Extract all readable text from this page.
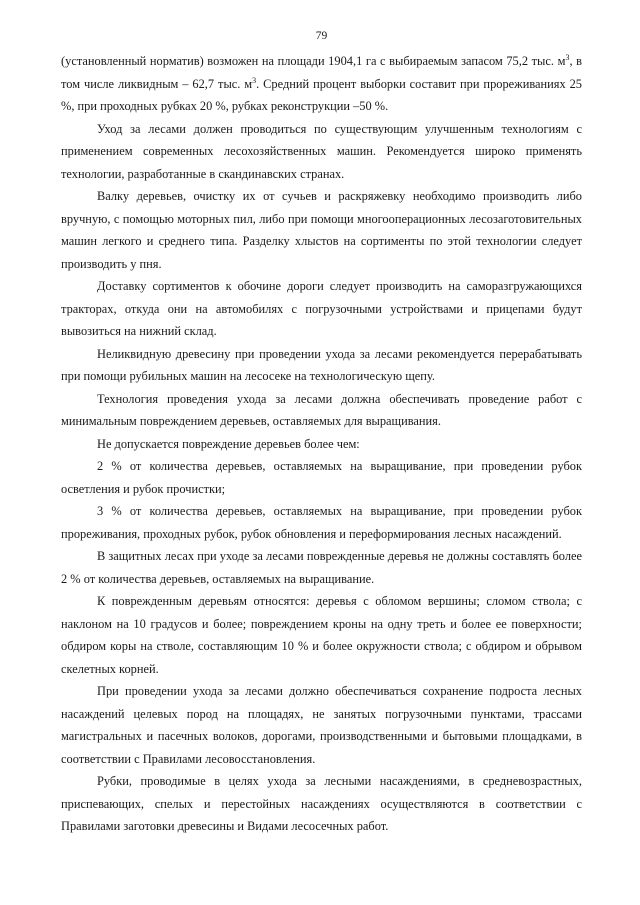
79

(установленный норматив) возможен на площади 1904,1 га с выбираемым запасом 75,2 тыс. $м^3$, в том числе ликвидным – 62,7 тыс. $м^3$. Средний процент выборки составит при прореживаниях 25 %, при проходных рубках 20 %, рубках реконструкции –50 %.

Уход за лесами должен проводиться по существующим улучшенным технологиям с применением современных лесохозяйственных машин. Рекомендуется широко применять технологии, разработанные в скандинавских странах.

Валку деревьев, очистку их от сучьев и раскряжевку необходимо производить либо вручную, с помощью моторных пил, либо при помощи многооперационных лесозаготовительных машин легкого и среднего типа. Разделку хлыстов на сортименты по этой технологии следует производить у пня.

Доставку сортиментов к обочине дороги следует производить на саморазгружающихся тракторах, откуда они на автомобилях с погрузочными устройствами и прицепами будут вывозиться на нижний склад.

Неликвидную древесину при проведении ухода за лесами рекомендуется перерабатывать при помощи рубильных машин на лесосеке на технологическую щепу.

Технология проведения ухода за лесами должна обеспечивать проведение работ с минимальным повреждением деревьев, оставляемых для выращивания.

Не допускается повреждение деревьев более чем:

2 % от количества деревьев, оставляемых на выращивание, при проведении рубок осветления и рубок прочистки;

3 % от количества деревьев, оставляемых на выращивание, при проведении рубок прореживания, проходных рубок, рубок обновления и переформирования лесных насаждений.

В защитных лесах при уходе за лесами поврежденные деревья не должны составлять более 2 % от количества деревьев, оставляемых на выращивание.

К поврежденным деревьям относятся: деревья с обломом вершины; сломом ствола; с наклоном на 10 градусов и более; повреждением кроны на одну треть и более ее поверхности; обдиром коры на стволе, составляющим 10 % и более окружности ствола; с обдиром и обрывом скелетных корней.

При проведении ухода за лесами должно обеспечиваться сохранение подроста лесных насаждений целевых пород на площадях, не занятых погрузочными пунктами, трассами магистральных и пасечных волоков, дорогами, производственными и бытовыми площадками, в соответствии с Правилами лесовосстановления.

Рубки, проводимые в целях ухода за лесными насаждениями, в средневозрастных, приспевающих, спелых и перестойных насаждениях осуществляются в соответствии с Правилами заготовки древесины и Видами лесосечных работ.
